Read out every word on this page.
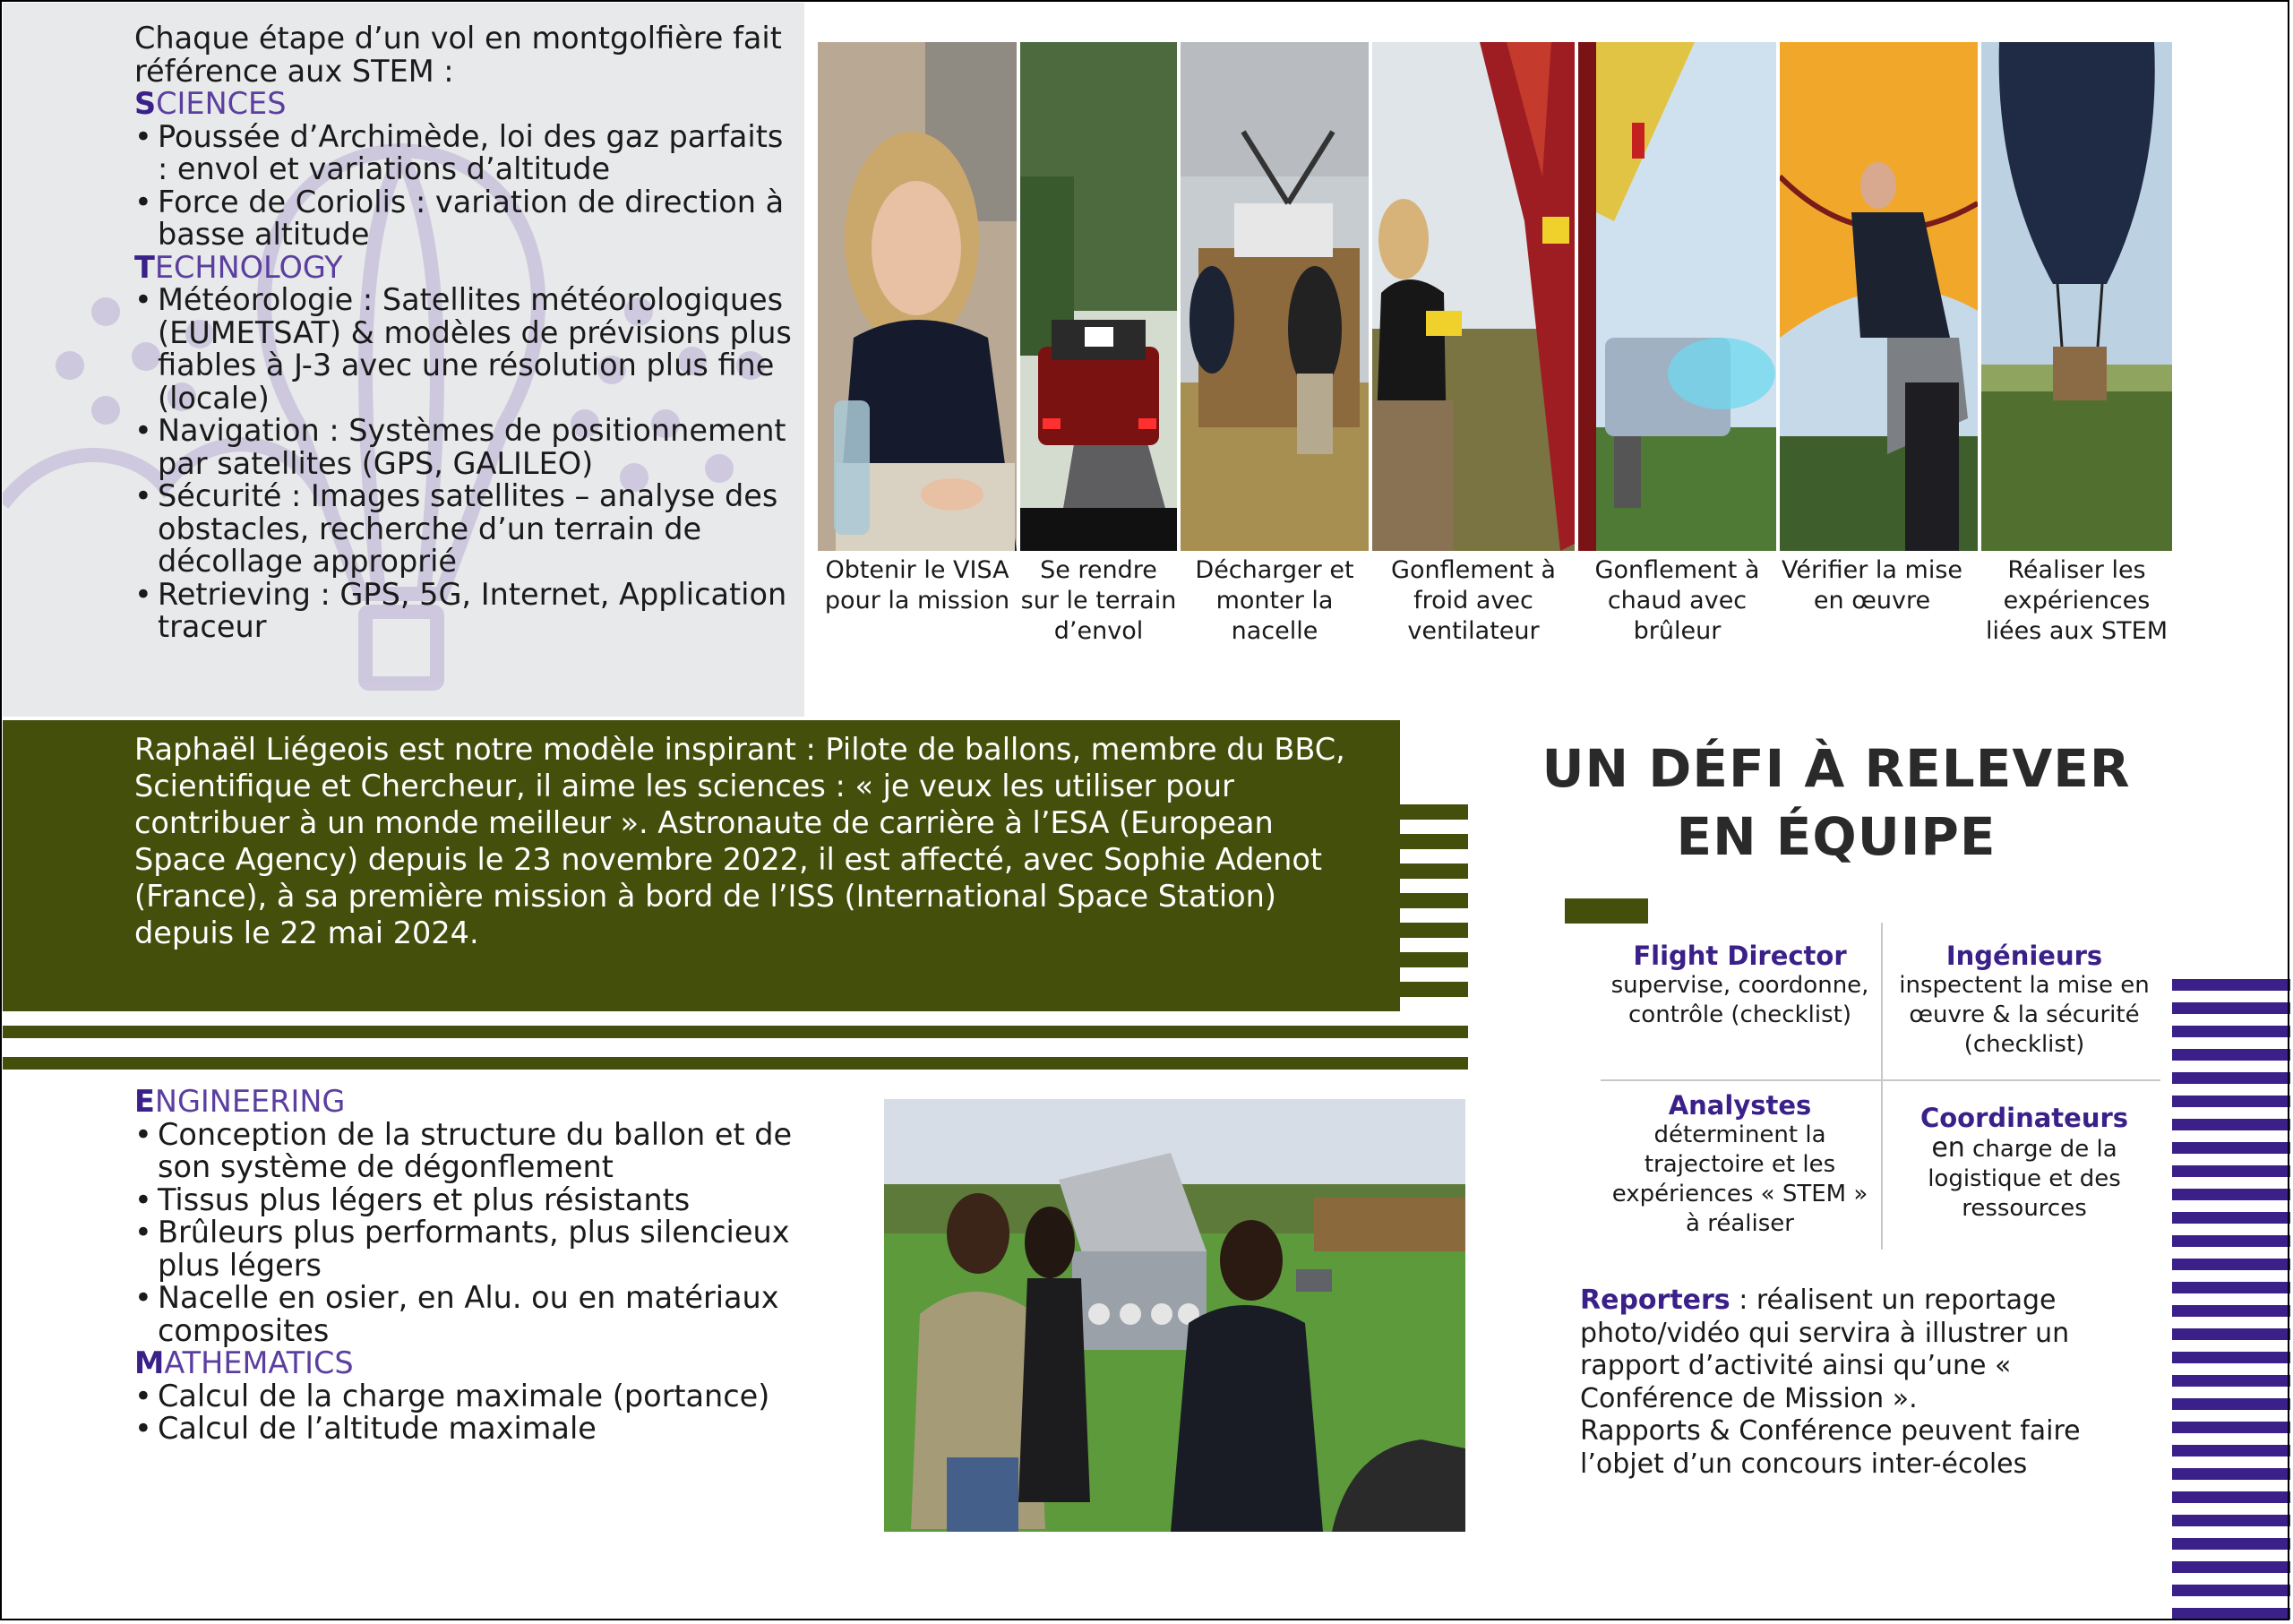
Chaque étape d’un vol en montgolfière fait référence aux STEM :

SCIENCES

• Poussée d’Archimède, loi des gaz parfaits : envol et variations d’altitude
• Force de Coriolis : variation de direction à basse altitude

TECHNOLOGY

• Météorologie : Satellites météorologiques (EUMETSAT) & modèles de prévisions plus fiables à J-3 avec une résolution plus fine (locale)
• Navigation : Systèmes de positionnement par satellites (GPS, GALILEO)
• Sécurité : Images satellites – analyse des obstacles, recherche d’un terrain de décollage approprié
• Retrieving : GPS, 5G, Internet, Application traceur
Obtenir le VISA pour la mission
Se rendre sur le terrain d’envol
Décharger et monter la nacelle
Gonflement à froid avec ventilateur
Gonflement à chaud avec brûleur
Vérifier la mise en œuvre
Réaliser les expériences liées aux STEM
Raphaël Liégeois est notre modèle inspirant : Pilote de ballons, membre du BBC, Scientifique et Chercheur, il aime les sciences : « je veux les utiliser pour contribuer à un monde meilleur ». Astronaute de carrière à l’ESA (European Space Agency) depuis le 23 novembre 2022, il est affecté, avec Sophie Adenot (France), à sa première mission à bord de l’ISS (International Space Station) depuis le 22 mai 2024.

ENGINEERING

• Conception de la structure du ballon et de son système de dégonflement
• Tissus plus légers et plus résistants
• Brûleurs plus performants, plus silencieux plus légers
• Nacelle en osier, en Alu. ou en matériaux composites

MATHEMATICS

• Calcul de la charge maximale (portance)
• Calcul de l’altitude maximale
UN DÉFI À RELEVER
EN ÉQUIPE
Flight Director
supervise, coordonne, contrôle (checklist)
Ingénieurs
inspectent la mise en œuvre & la sécurité (checklist)
Analystes
déterminent la trajectoire et les expériences « STEM » à réaliser
Coordinateurs
en charge de la logistique et des ressources

Reporters : réalisent un reportage photo/vidéo qui servira à illustrer un rapport d’activité ainsi qu’une « Conférence de Mission ».

Rapports & Conférence peuvent faire l’objet d’un concours inter-écoles
